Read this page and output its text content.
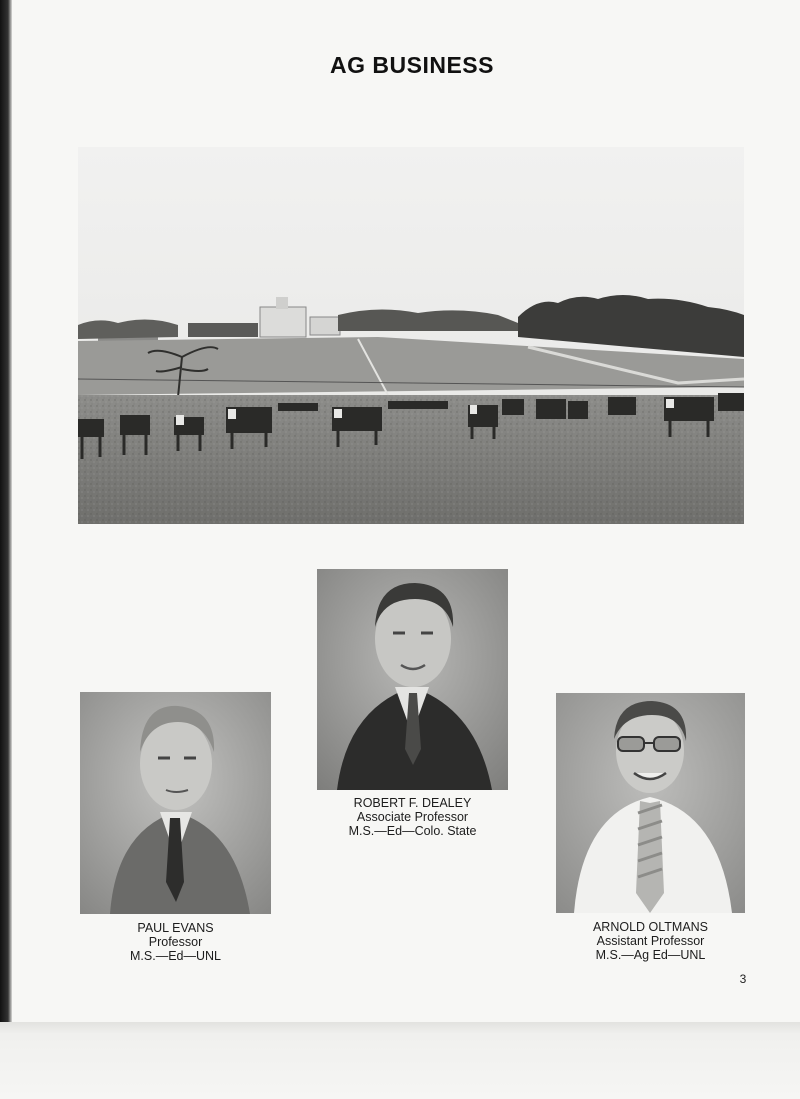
AG BUSINESS
ROBERT F. DEALEY
Associate Professor
M.S.—Ed—Colo. State
PAUL EVANS
Professor
M.S.—Ed—UNL
ARNOLD OLTMANS
Assistant Professor
M.S.—Ag Ed—UNL
3
